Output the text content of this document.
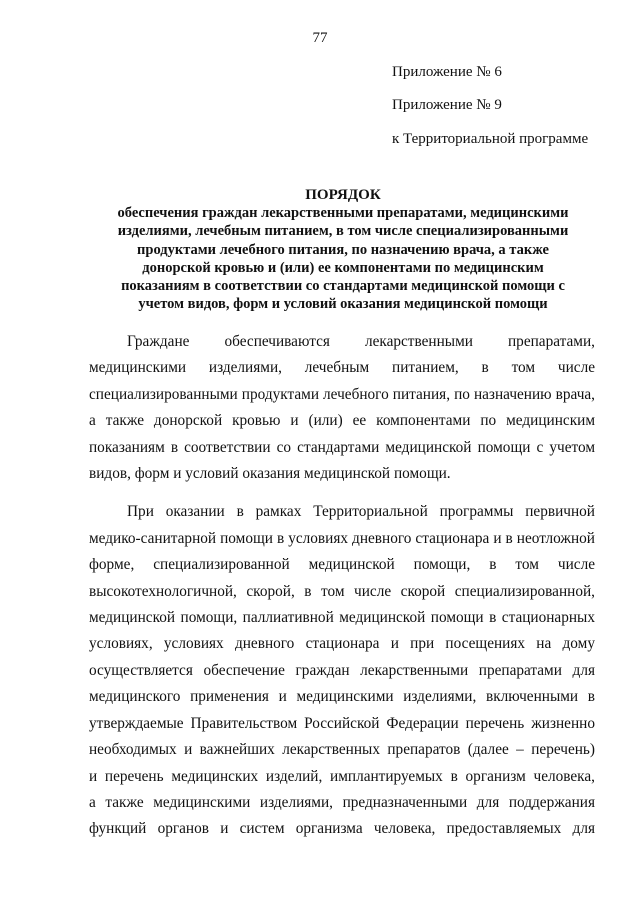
77
Приложение № 6
Приложение № 9
к Территориальной программе
ПОРЯДОК
обеспечения граждан лекарственными препаратами, медицинскими
изделиями, лечебным питанием, в том числе специализированными
продуктами лечебного питания, по назначению врача, а также
донорской кровью и (или) ее компонентами по медицинским
показаниям в соответствии со стандартами медицинской помощи с
учетом видов, форм и условий оказания медицинской помощи
Граждане обеспечиваются лекарственными препаратами,
медицинскими изделиями, лечебным питанием, в том числе
специализированными продуктами лечебного питания, по назначению врача,
а также донорской кровью и (или) ее компонентами по медицинским
показаниям в соответствии со стандартами медицинской помощи с учетом
видов, форм и условий оказания медицинской помощи.
При оказании в рамках Территориальной программы первичной
медико-санитарной помощи в условиях дневного стационара и в неотложной
форме, специализированной медицинской помощи, в том числе
высокотехнологичной, скорой, в том числе скорой специализированной,
медицинской помощи, паллиативной медицинской помощи в стационарных
условиях, условиях дневного стационара и при посещениях на дому
осуществляется обеспечение граждан лекарственными препаратами для
медицинского применения и медицинскими изделиями, включенными в
утверждаемые Правительством Российской Федерации перечень жизненно
необходимых и важнейших лекарственных препаратов (далее – перечень)
и перечень медицинских изделий, имплантируемых в организм человека,
а также медицинскими изделиями, предназначенными для поддержания
функций органов и систем организма человека, предоставляемых для
